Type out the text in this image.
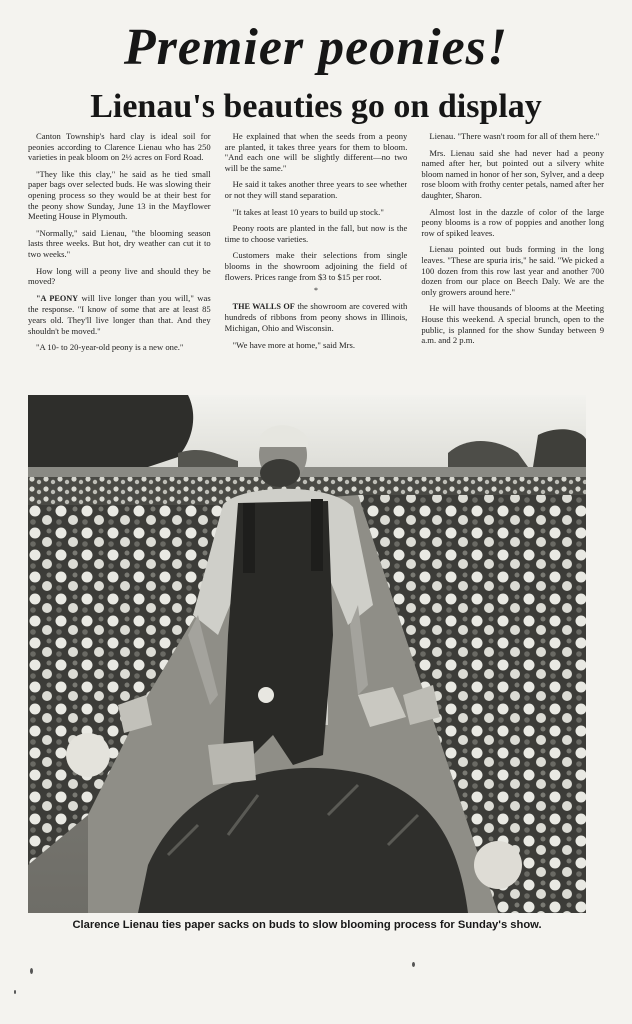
Premier peonies!
Lienau's beauties go on display

Canton Township's hard clay is ideal soil for peonies according to Clarence Lienau who has 250 varieties in peak bloom on 2½ acres on Ford Road.

"They like this clay," he said as he tied small paper bags over selected buds. He was slowing their opening process so they would be at their best for the peony show Sunday, June 13 in the Mayflower Meeting House in Plymouth.

"Normally," said Lienau, "the blooming season lasts three weeks. But hot, dry weather can cut it to two weeks."

How long will a peony live and should they be moved?

"A PEONY will live longer than you will," was the response. "I know of some that are at least 85 years old. They'll live longer than that. And they shouldn't be moved."

"A 10- to 20-year-old peony is a new one."

He explained that when the seeds from a peony are planted, it takes three years for them to bloom. "And each one will be slightly different—no two will be the same."

He said it takes another three years to see whether or not they will stand separation.

"It takes at least 10 years to build up stock."

Peony roots are planted in the fall, but now is the time to choose varieties.

Customers make their selections from single blooms in the showroom adjoining the field of flowers. Prices range from $3 to $15 per root.

*

THE WALLS OF the showroom are covered with hundreds of ribbons from peony shows in Illinois, Michigan, Ohio and Wisconsin.

"We have more at home," said Mrs.

Lienau. "There wasn't room for all of them here."

Mrs. Lienau said she had never had a peony named after her, but pointed out a silvery white bloom named in honor of her son, Sylver, and a deep rose bloom with frothy center petals, named after her daughter, Sharon.

Almost lost in the dazzle of color of the large peony blooms is a row of poppies and another long row of spiked leaves.

Lienau pointed out buds forming in the long leaves. "These are spuria iris," he said. "We picked a 100 dozen from this row last year and another 700 dozen from our place on Beech Daly. We are the only growers around here."

He will have thousands of blooms at the Meeting House this weekend. A special brunch, open to the public, is planned for the show Sunday between 9 a.m. and 2 p.m.

Clarence Lienau ties paper sacks on buds to slow blooming process for Sunday's show.
